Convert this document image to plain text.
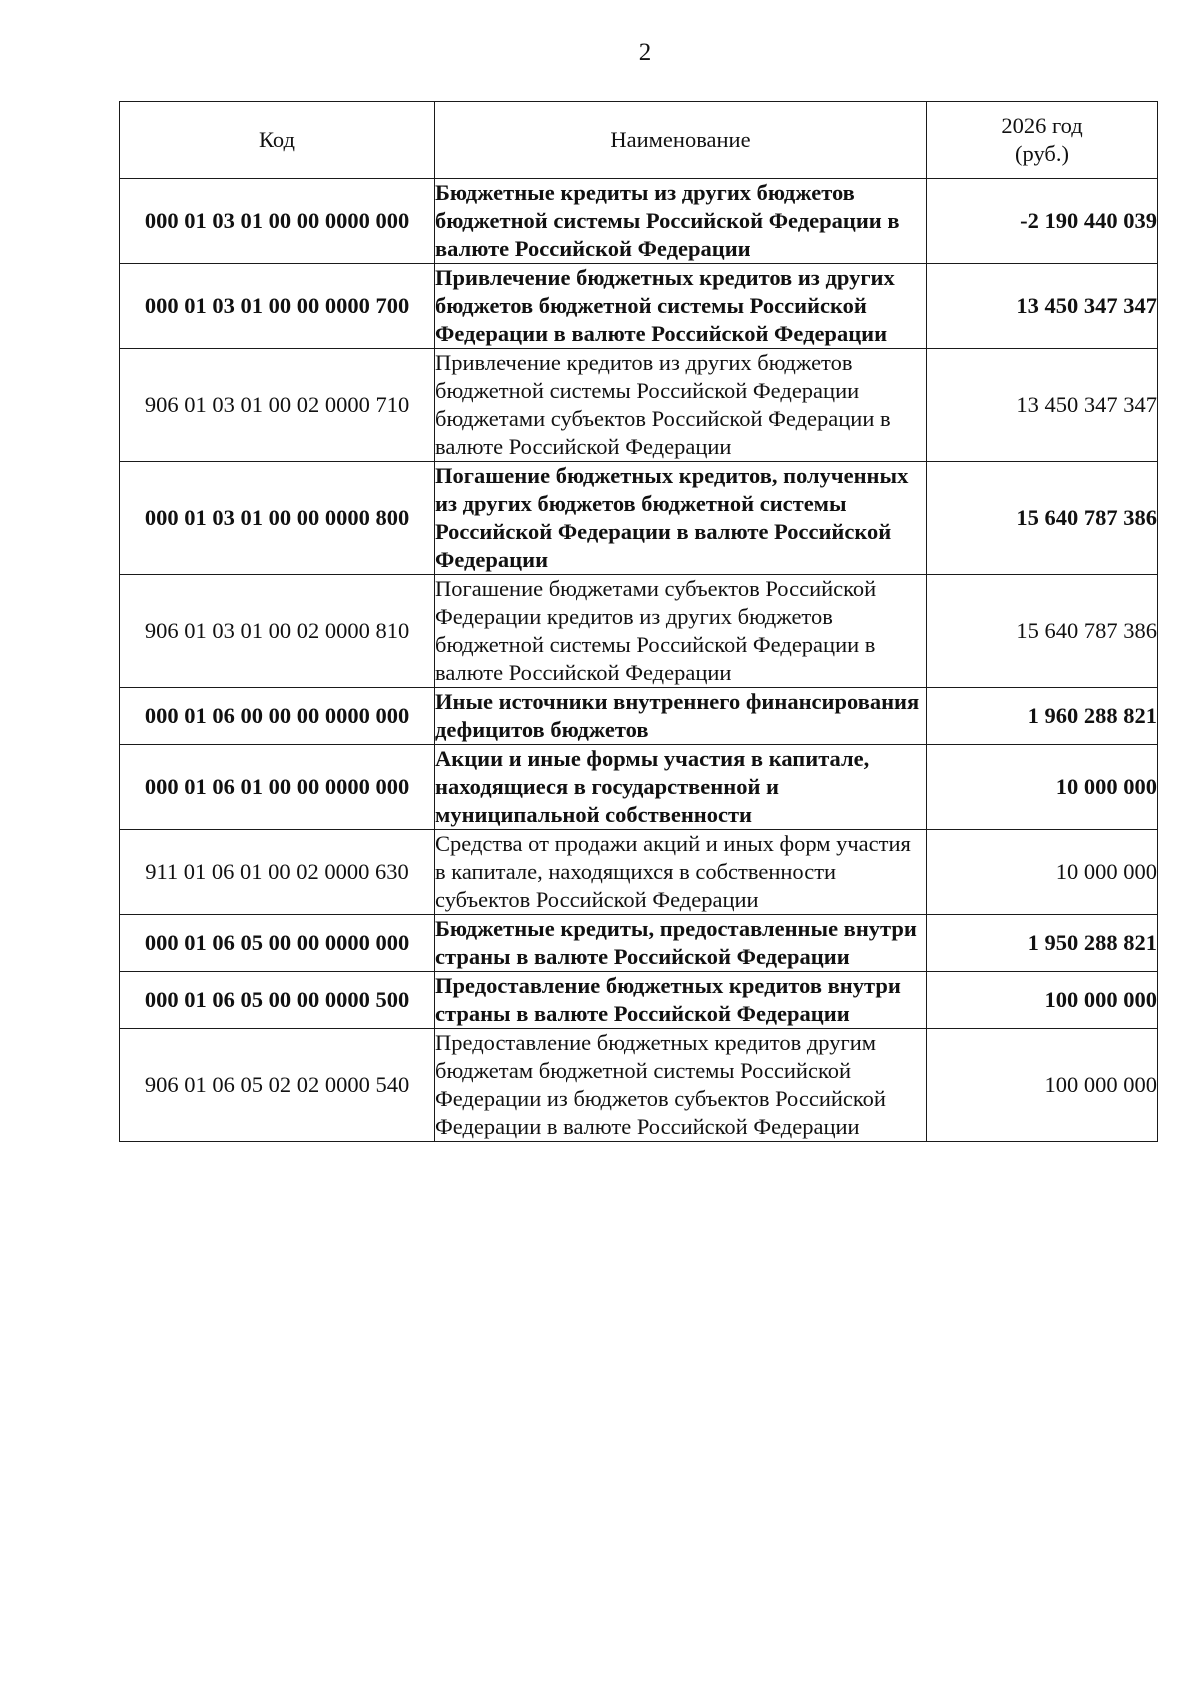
2
Код	Наименование	2026 год
(руб.)

000 01 03 01 00 00 0000 000	Бюджетные кредиты из других бюджетов бюджетной системы Российской Федерации в валюте Российской Федерации	-2 190 440 039
000 01 03 01 00 00 0000 700	Привлечение бюджетных кредитов из других бюджетов бюджетной системы Российской Федерации в валюте Российской Федерации	13 450 347 347
906 01 03 01 00 02 0000 710	Привлечение кредитов из других бюджетов бюджетной системы Российской Федерации бюджетами субъектов Российской Федерации в валюте Российской Федерации	13 450 347 347
000 01 03 01 00 00 0000 800	Погашение бюджетных кредитов, полученных из других бюджетов бюджетной системы Российской Федерации в валюте Российской Федерации	15 640 787 386
906 01 03 01 00 02 0000 810	Погашение бюджетами субъектов Российской Федерации кредитов из других бюджетов бюджетной системы Российской Федерации в валюте Российской Федерации	15 640 787 386
000 01 06 00 00 00 0000 000	Иные источники внутреннего финансирования дефицитов бюджетов	1 960 288 821
000 01 06 01 00 00 0000 000	Акции и иные формы участия в капитале, находящиеся в государственной и муниципальной собственности	10 000 000
911 01 06 01 00 02 0000 630	Средства от продажи акций и иных форм участия в капитале, находящихся в собственности субъектов Российской Федерации	10 000 000
000 01 06 05 00 00 0000 000	Бюджетные кредиты, предоставленные внутри страны в валюте Российской Федерации	1 950 288 821
000 01 06 05 00 00 0000 500	Предоставление бюджетных кредитов внутри страны в валюте Российской Федерации	100 000 000
906 01 06 05 02 02 0000 540	Предоставление бюджетных кредитов другим бюджетам бюджетной системы Российской Федерации из бюджетов субъектов Российской Федерации в валюте Российской Федерации	100 000 000
